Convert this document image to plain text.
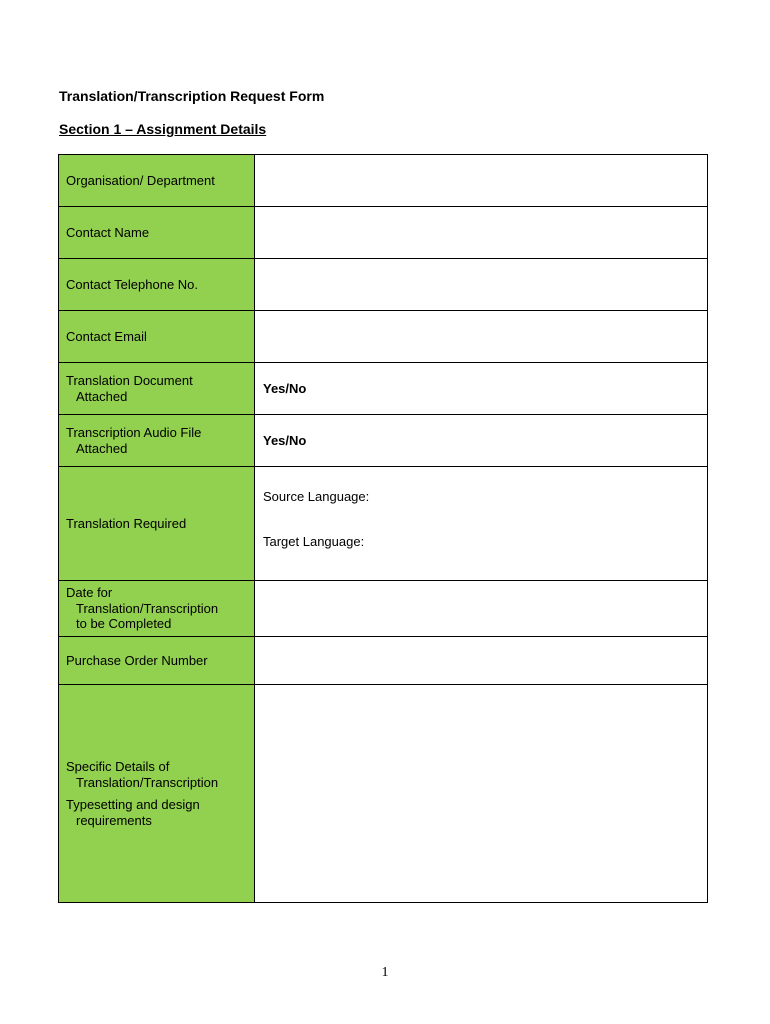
Translation/Transcription Request Form
Section 1 – Assignment Details
Organisation/ Department	
Contact Name	
Contact Telephone No.	
Contact Email	
Translation Document
Attached	Yes/No
Transcription Audio File
Attached	Yes/No
Translation Required	Source Language:
Target Language:

Date for
Translation/Transcription
to be Completed	

Purchase Order Number	

Specific Details of
Translation/Transcription
Typesetting and design
requirements	

1
